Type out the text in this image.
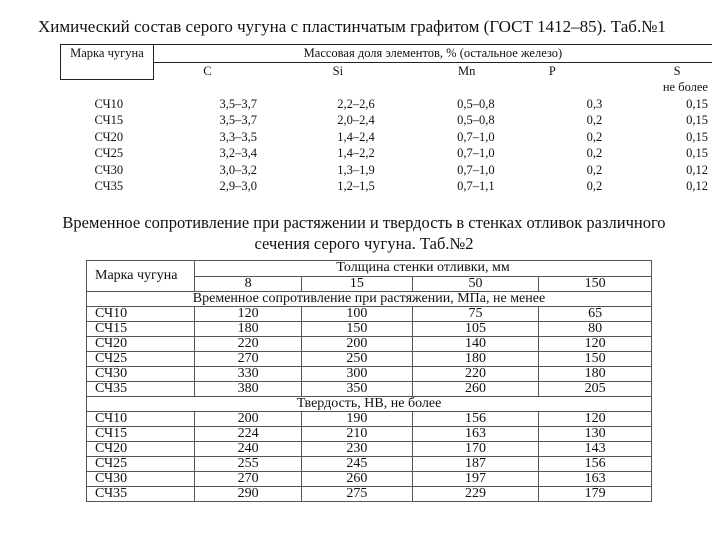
Химический состав серого чугуна с пластинчатым графитом (ГОСТ 1412–85). Таб.№1
Марка чугуна	Массовая доля элементов, % (остальное железо)				
	C	Si	Mn	P	S
					не более
СЧ10	3,5–3,7	2,2–2,6	0,5–0,8	0,3	0,15
СЧ15	3,5–3,7	2,0–2,4	0,5–0,8	0,2	0,15
СЧ20	3,3–3,5	1,4–2,4	0,7–1,0	0,2	0,15
СЧ25	3,2–3,4	1,4–2,2	0,7–1,0	0,2	0,15
СЧ30	3,0–3,2	1,3–1,9	0,7–1,0	0,2	0,12
СЧ35	2,9–3,0	1,2–1,5	0,7–1,1	0,2	0,12
Временное сопротивление при растяжении и твердость в стенках отливок различного
сечения серого чугуна. Таб.№2
Марка чугуна	Толщина стенки отливки, мм			
	8	15	50	150
Временное сопротивление при растяжении, МПа, не менее				
СЧ10	120	100	75	65
СЧ15	180	150	105	80
СЧ20	220	200	140	120
СЧ25	270	250	180	150
СЧ30	330	300	220	180
СЧ35	380	350	260	205
Твердость, НВ, не более				
СЧ10	200	190	156	120
СЧ15	224	210	163	130
СЧ20	240	230	170	143
СЧ25	255	245	187	156
СЧ30	270	260	197	163
СЧ35	290	275	229	179
